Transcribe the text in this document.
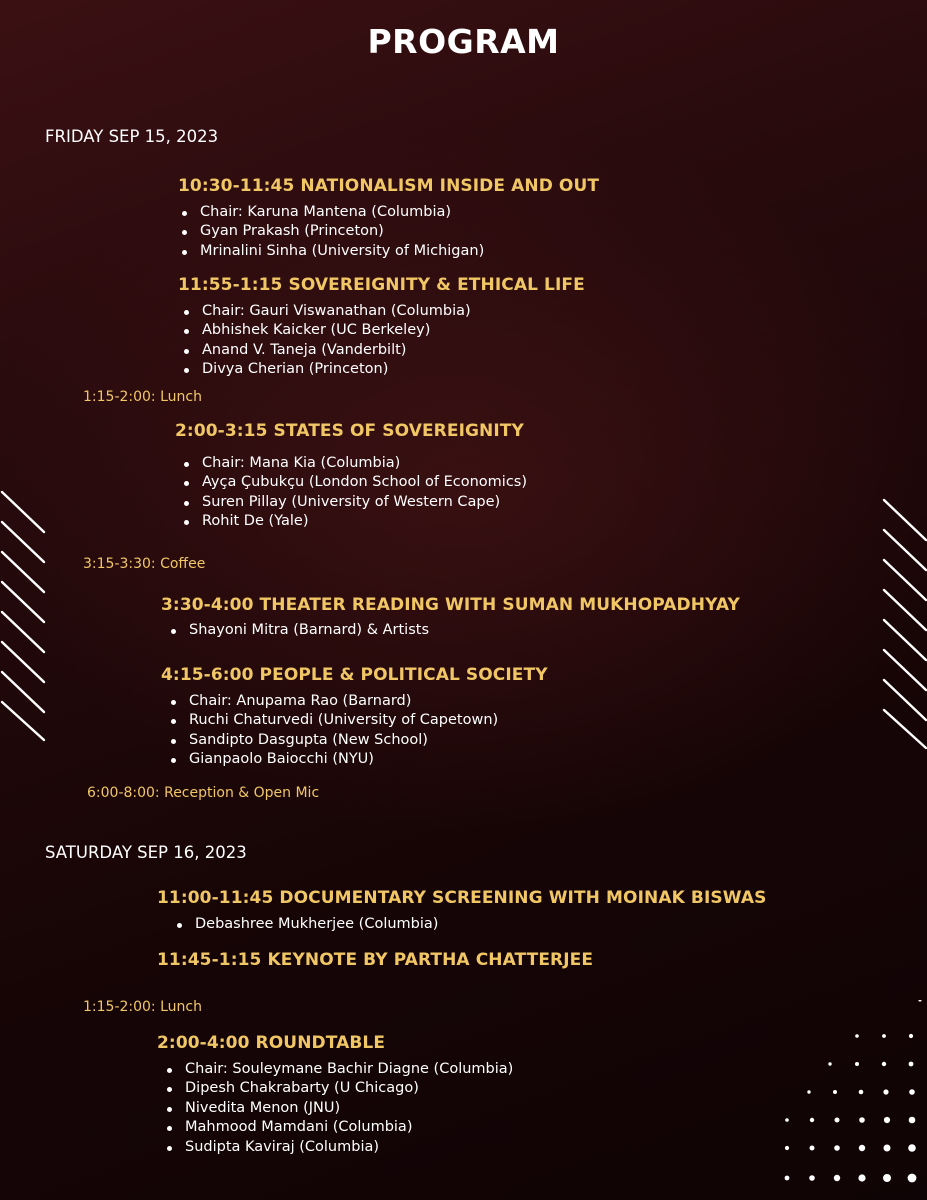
PROGRAM
FRIDAY SEP 15, 2023
10:30-11:45 NATIONALISM INSIDE AND OUT
Chair: Karuna Mantena (Columbia)
Gyan Prakash (Princeton)
Mrinalini Sinha (University of Michigan)
11:55-1:15 SOVEREIGNITY & ETHICAL LIFE
Chair: Gauri Viswanathan (Columbia)
Abhishek Kaicker (UC Berkeley)
Anand V. Taneja (Vanderbilt)
Divya Cherian (Princeton)
1:15-2:00: Lunch
2:00-3:15 STATES OF SOVEREIGNITY
Chair: Mana Kia (Columbia)
Ayça Çubukçu (London School of Economics)
Suren Pillay (University of Western Cape)
Rohit De (Yale)
3:15-3:30: Coffee
3:30-4:00 THEATER READING WITH SUMAN MUKHOPADHYAY
Shayoni Mitra (Barnard) & Artists
4:15-6:00 PEOPLE & POLITICAL SOCIETY
Chair: Anupama Rao (Barnard)
Ruchi Chaturvedi (University of Capetown)
Sandipto Dasgupta (New School)
Gianpaolo Baiocchi (NYU)
6:00-8:00: Reception & Open Mic
SATURDAY SEP 16, 2023
11:00-11:45 DOCUMENTARY SCREENING WITH MOINAK BISWAS
Debashree Mukherjee (Columbia)
11:45-1:15 KEYNOTE BY PARTHA CHATTERJEE
1:15-2:00: Lunch
2:00-4:00 ROUNDTABLE
Chair: Souleymane Bachir Diagne (Columbia)
Dipesh Chakrabarty (U Chicago)
Nivedita Menon (JNU)
Mahmood Mamdani (Columbia)
Sudipta Kaviraj (Columbia)
